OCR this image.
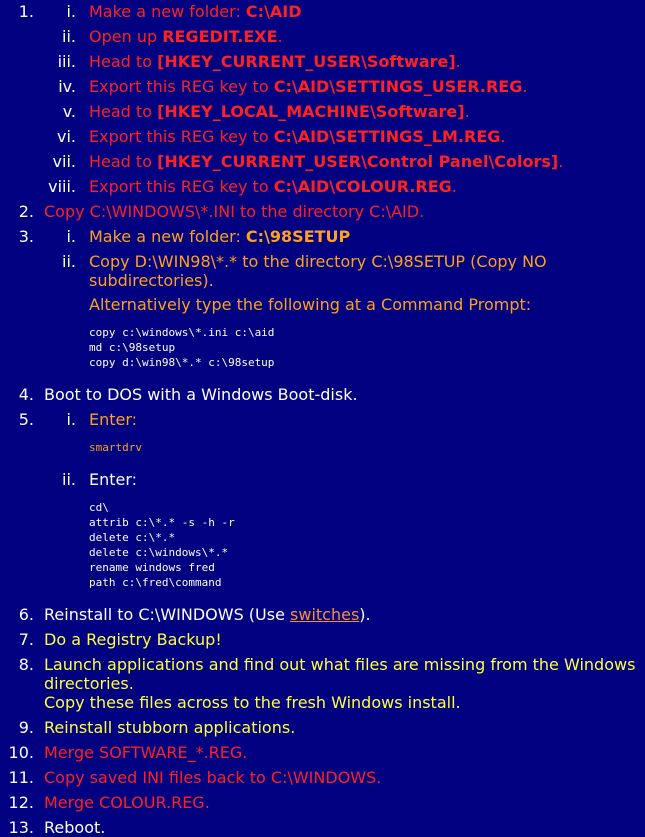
1.	i. Make a new folder: C:\AID
ii. Open up REGEDIT.EXE.
iii. Head to [HKEY_CURRENT_USER\Software].
iv. Export this REG key to C:\AID\SETTINGS_USER.REG.
v. Head to [HKEY_LOCAL_MACHINE\Software].
vi. Export this REG key to C:\AID\SETTINGS_LM.REG.
vii. Head to [HKEY_CURRENT_USER\Control Panel\Colors].
viii. Export this REG key to C:\AID\COLOUR.REG.
2. Copy C:\WINDOWS\*.INI to the directory C:\AID.
3.	i. Make a new folder: C:\98SETUP
ii. Copy D:\WIN98\*.* to the directory C:\98SETUP (Copy NO subdirectories).
Alternatively type the following at a Command Prompt:
copy c:\windows\*.ini c:\aid
md c:\98setup
copy d:\win98\*.* c:\98setup
4. Boot to DOS with a Windows Boot-disk.
5.	i. Enter:
smartdrv
ii. Enter:
cd\
attrib c:\*.* -s -h -r
delete c:\*.*
delete c:\windows\*.*
rename windows fred
path c:\fred\command
6. Reinstall to C:\WINDOWS (Use switches).
7. Do a Registry Backup!
8. Launch applications and find out what files are missing from the Windows directories.
Copy these files across to the fresh Windows install.
9. Reinstall stubborn applications.
10. Merge SOFTWARE_*.REG.
11. Copy saved INI files back to C:\WINDOWS.
12. Merge COLOUR.REG.
13. Reboot.
